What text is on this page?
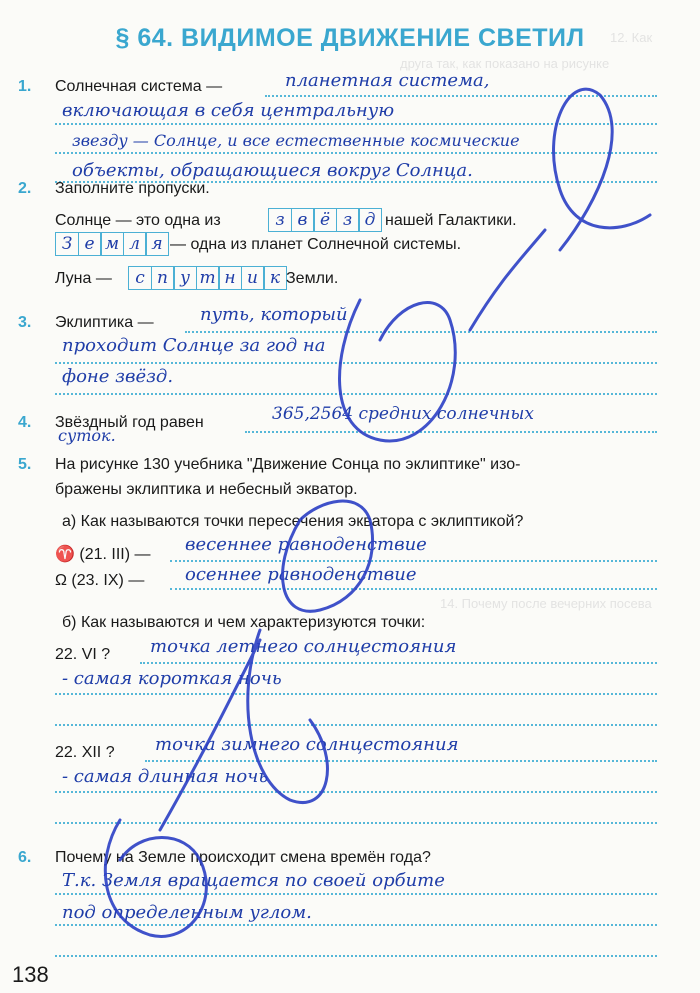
12. Как
друга так, как показано на рисунке
14. Почему после вечерних посева
§ 64. ВИДИМОЕ ДВИЖЕНИЕ СВЕТИЛ
1. Солнечная система —	планетная система,
включающая в себя центральную
звезду — Солнце, и все естественные космические
объекты, обращающиеся вокруг Солнца.
2. Заполните пропуски.
Солнце — это одна из	з в ё з д нашей Галактики.
З е м л я — одна из планет Солнечной системы.
Луна —	с п у т н и к Земли.
3. Эклиптика —	путь, который
проходит Солнце за год на
фоне звёзд.
4. Звёздный год равен	365,2564 средних солнечных
суток.
5. На рисунке 130 учебника "Движение Сонца по эклиптике" изо-
бражены эклиптика и небесный экватор.
а) Как называются точки пересечения экватора с эклиптикой?
♈ (21. III) — весеннее равноденствие
Ω (23. IX) — осеннее равноденствие
б) Как называются и чем характеризуются точки:
22. VI ? точка летнего солнцестояния
- самая короткая ночь
22. XII ? точка зимнего солнцестояния
- самая длинная ночь
6. Почему на Земле происходит смена времён года?
Т.к. Земля вращается по своей орбите
под определенным углом.
138
